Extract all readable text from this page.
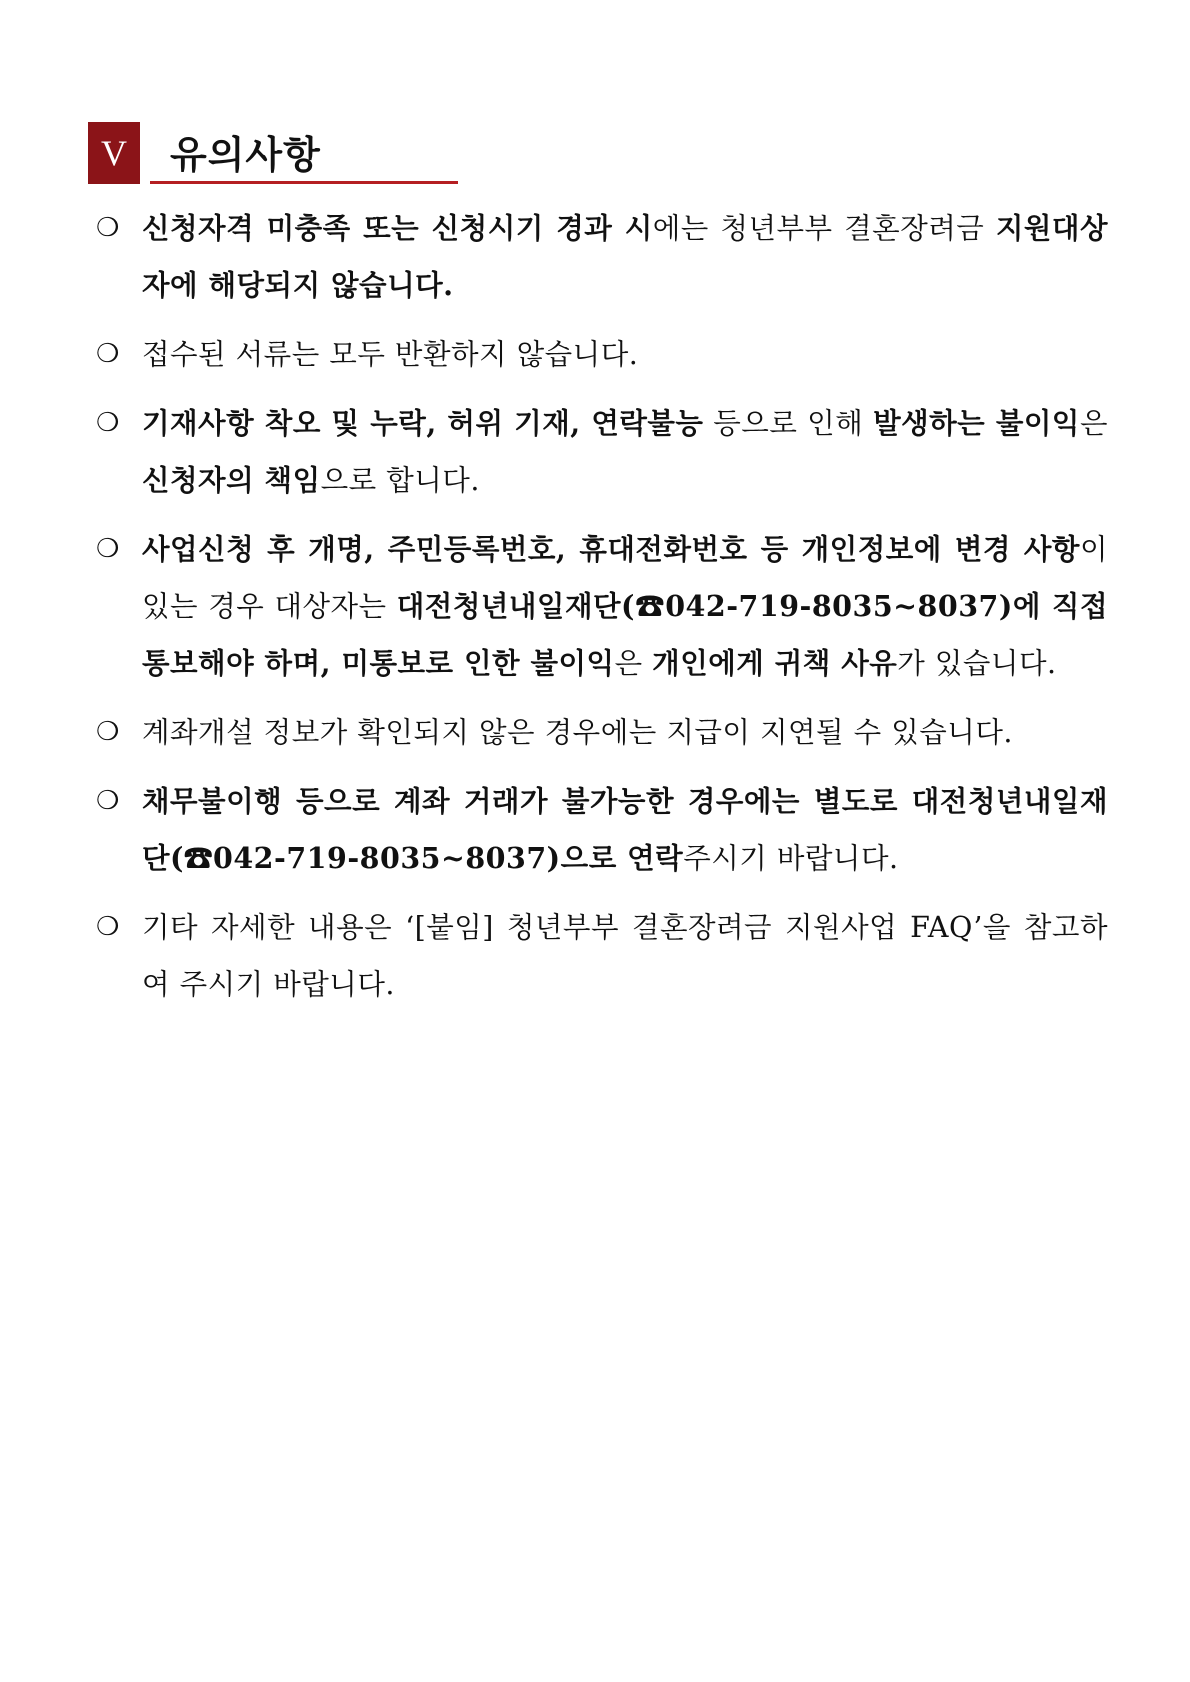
V	유의사항
❍ 신청자격 미충족 또는 신청시기 경과 시에는 청년부부 결혼장려금 지원대상자에 해당되지 않습니다.
❍ 접수된 서류는 모두 반환하지 않습니다.
❍ 기재사항 착오 및 누락, 허위 기재, 연락불능 등으로 인해 발생하는 불이익은 신청자의 책임으로 합니다.
❍ 사업신청 후 개명, 주민등록번호, 휴대전화번호 등 개인정보에 변경 사항이 있는 경우 대상자는 대전청년내일재단(☎042-719-8035~8037)에 직접 통보해야 하며, 미통보로 인한 불이익은 개인에게 귀책 사유가 있습니다.
❍ 계좌개설 정보가 확인되지 않은 경우에는 지급이 지연될 수 있습니다.
❍ 채무불이행 등으로 계좌 거래가 불가능한 경우에는 별도로 대전청년내일재단(☎042-719-8035~8037)으로 연락주시기 바랍니다.
❍ 기타 자세한 내용은 ‘[붙임] 청년부부 결혼장려금 지원사업 FAQ’을 참고하여 주시기 바랍니다.
